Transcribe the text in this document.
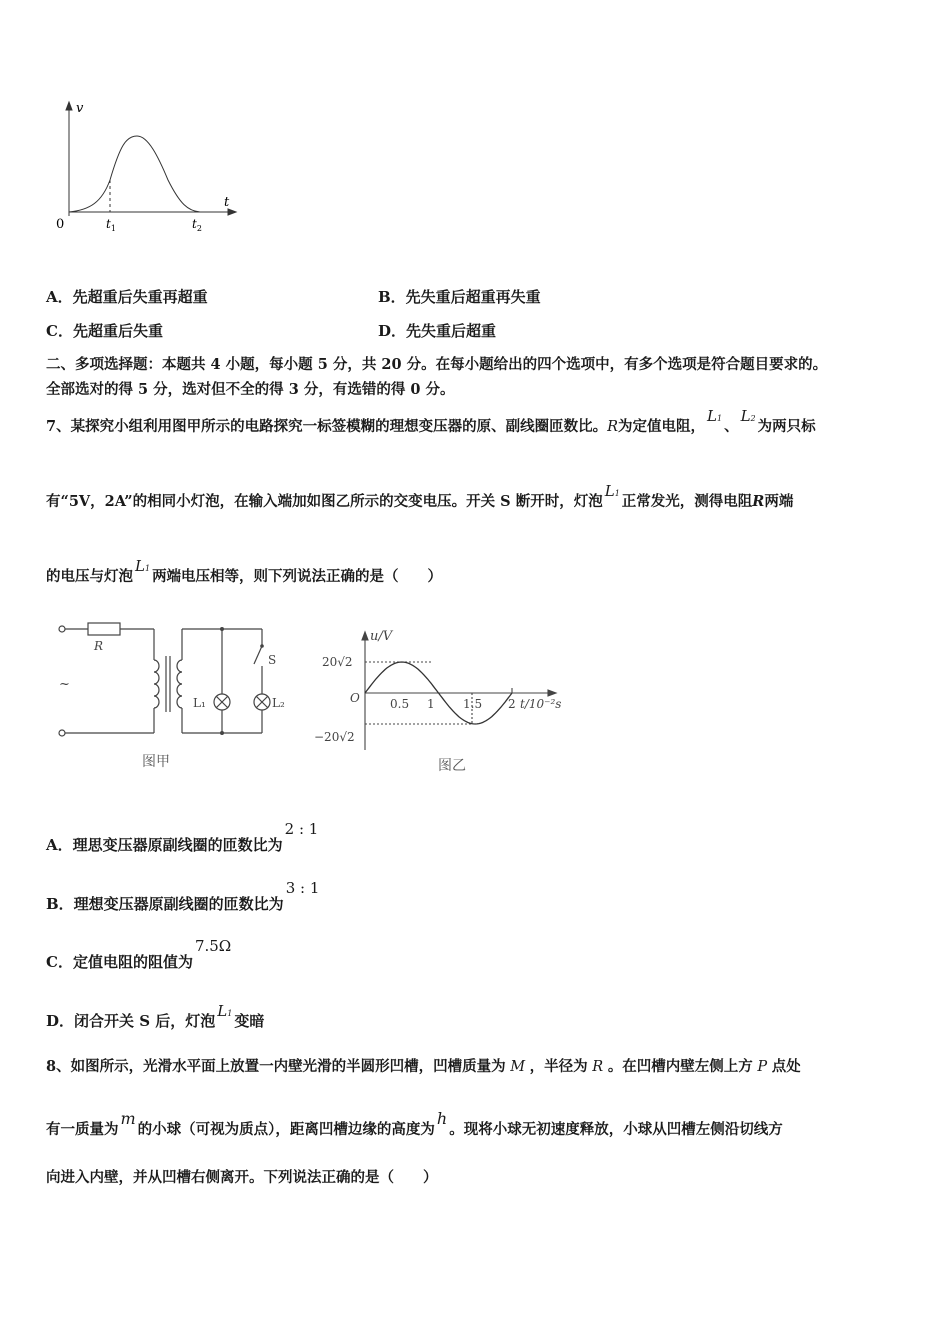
v
t
0	$t_1$	$t_2$
A．先超重后失重再超重	B．先失重后超重再失重
C．先超重后失重	D．先失重后超重
二、多项选择题：本题共 4 小题，每小题 5 分，共 20 分。在每小题给出的四个选项中，有多个选项是符合题目要求的。
全部选对的得 5 分，选对但不全的得 3 分，有选错的得 0 分。
7、某探究小组利用图甲所示的电路探究一标签模糊的理想变压器的原、副线圈匝数比。R为定值电阻，L1 、L2 为两只标
有“5V，2A”的相同小灯泡，在输入端加如图乙所示的交变电压。开关 S 断开时，灯泡L1 正常发光，测得电阻R两端
的电压与灯泡L1 两端电压相等，则下列说法正确的是（　　）
R
~
S
L₁	L₂
图甲
u/V
20√2
−20√2
O	0.5 1 1.5 2 t/10⁻²s
图乙
A．理思变压器原副线圈的匝数比为2 : 1
B．理想变压器原副线圈的匝数比为3 : 1
C．定值电阻的阻值为7.5Ω
D．闭合开关 S 后，灯泡L1 变暗
8、如图所示，光滑水平面上放置一内壁光滑的半圆形凹槽，凹槽质量为 M ，半径为 R 。在凹槽内壁左侧上方 P 点处
有一质量为m的小球（可视为质点），距离凹槽边缘的高度为h。现将小球无初速度释放，小球从凹槽左侧沿切线方
向进入内壁，并从凹槽右侧离开。下列说法正确的是（　　）
